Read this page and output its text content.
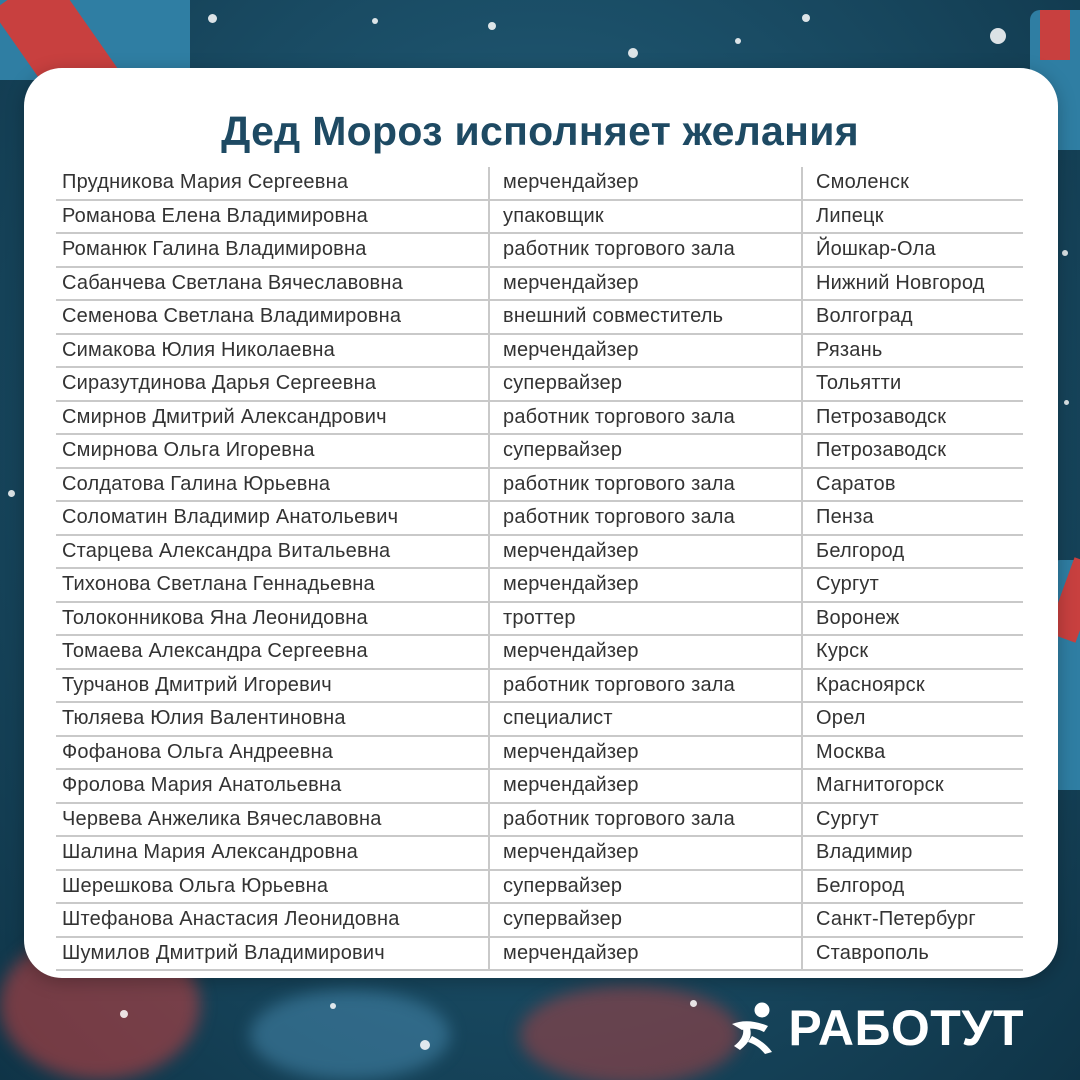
Дед Мороз исполняет желания
Прудникова Мария Сергеевна	мерчендайзер	Смоленск
Романова Елена Владимировна	упаковщик	Липецк
Романюк Галина Владимировна	работник торгового зала	Йошкар-Ола
Сабанчева Светлана Вячеславовна	мерчендайзер	Нижний Новгород
Семенова Светлана Владимировна	внешний совместитель	Волгоград
Симакова Юлия Николаевна	мерчендайзер	Рязань
Сиразутдинова Дарья Сергеевна	супервайзер	Тольятти
Смирнов Дмитрий Александрович	работник торгового зала	Петрозаводск
Смирнова Ольга Игоревна	супервайзер	Петрозаводск
Солдатова Галина Юрьевна	работник торгового зала	Саратов
Соломатин Владимир Анатольевич	работник торгового зала	Пенза
Старцева Александра Витальевна	мерчендайзер	Белгород
Тихонова Светлана Геннадьевна	мерчендайзер	Сургут
Толоконникова Яна Леонидовна	троттер	Воронеж
Томаева Александра Сергеевна	мерчендайзер	Курск
Турчанов Дмитрий Игоревич	работник торгового зала	Красноярск
Тюляева Юлия Валентиновна	специалист	Орел
Фофанова Ольга Андреевна	мерчендайзер	Москва
Фролова Мария Анатольевна	мерчендайзер	Магнитогорск
Червева Анжелика Вячеславовна	работник торгового зала	Сургут
Шалина Мария Александровна	мерчендайзер	Владимир
Шерешкова Ольга Юрьевна	супервайзер	Белгород
Штефанова Анастасия Леонидовна	супервайзер	Санкт-Петербург
Шумилов Дмитрий Владимирович	мерчендайзер	Ставрополь
РАБОТУТ
